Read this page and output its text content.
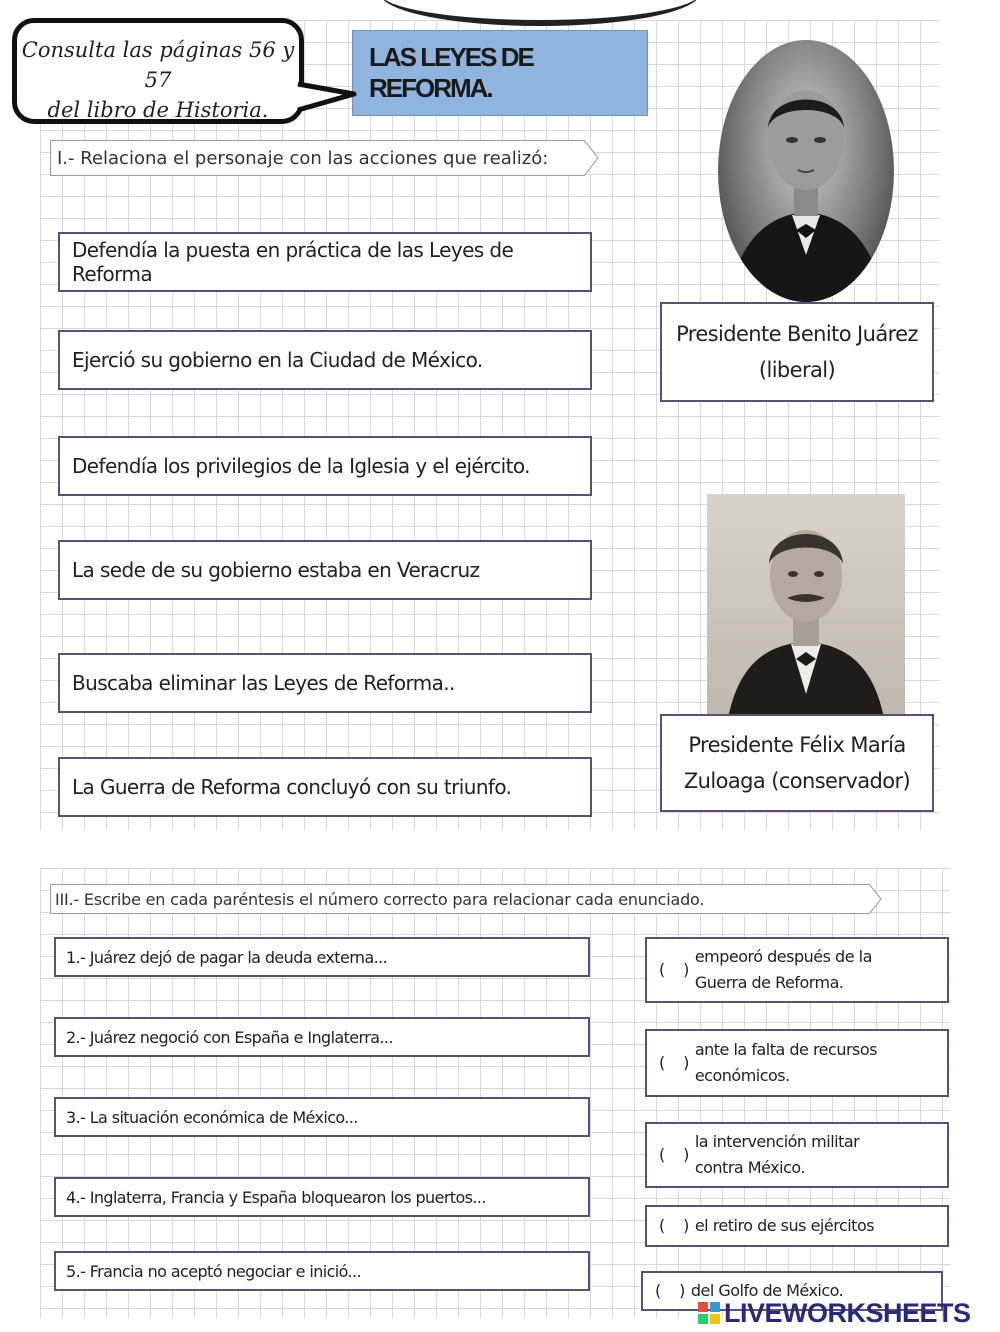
Consulta las páginas 56 y 57
del libro de Historia.
LAS LEYES DE REFORMA.
I.- Relaciona el personaje con las acciones que realizó:
Defendía la puesta en práctica de las Leyes de Reforma
Ejerció su gobierno en la Ciudad de México.
Defendía los privilegios de la Iglesia y el ejército.
La sede de su gobierno estaba en Veracruz
Buscaba eliminar las Leyes de Reforma..
La Guerra de Reforma concluyó con su triunfo.
Presidente Benito Juárez
(liberal)
Presidente Félix María
Zuloaga (conservador)
III.- Escribe en cada paréntesis el número correcto para relacionar cada enunciado.
1.- Juárez dejó de pagar la deuda externa...
2.- Juárez negoció con España e Inglaterra...
3.- La situación económica de México...
4.- Inglaterra, Francia y España bloquearon los puertos...
5.- Francia no aceptó negociar e inició...
(    )
empeoró después de la
Guerra de Reforma.
(    )
ante la falta de recursos
económicos.
(    )
la intervención militar
contra México.
(    ) el retiro de sus ejércitos
(    ) del Golfo de México.
LIVEWORKSHEETS
